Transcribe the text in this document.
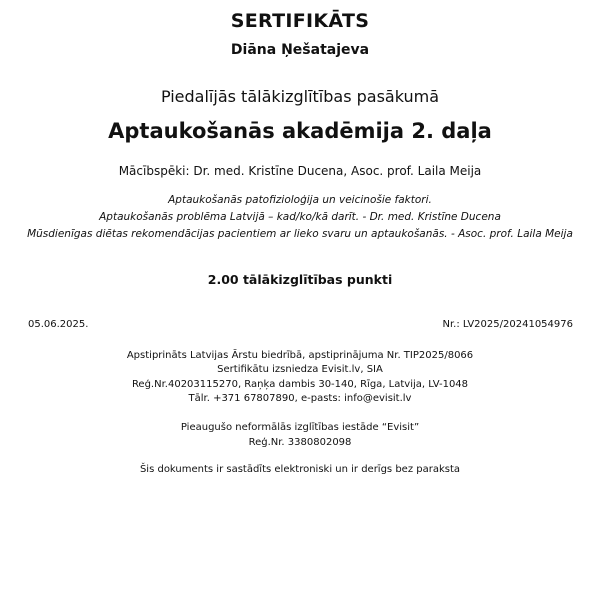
SERTIFIKĀTS
Diāna Ņešatajeva
Piedalījās tālākizglītības pasākumā
Aptaukošanās akadēmija 2. daļa
Mācībspēki: Dr. med. Kristīne Ducena, Asoc. prof. Laila Meija
Aptaukošanās patofizioloģija un veicinošie faktori.
Aptaukošanās problēma Latvijā – kad/ko/kā darīt. - Dr. med. Kristīne Ducena
Mūsdienīgas diētas rekomendācijas pacientiem ar lieko svaru un aptaukošanās. - Asoc. prof. Laila Meija
2.00 tālākizglītības punkti
05.06.2025.	Nr.: LV2025/20241054976
Apstiprināts Latvijas Ārstu biedrībā, apstiprinājuma Nr. TIP2025/8066
Sertifikātu izsniedza Evisit.lv, SIA
Reģ.Nr.40203115270, Raņķa dambis 30-140, Rīga, Latvija, LV-1048
Tālr. +371 67807890, e-pasts: info@evisit.lv
Pieaugušo neformālās izglītības iestāde “Evisit”
Reģ.Nr. 3380802098
Šis dokuments ir sastādīts elektroniski un ir derīgs bez paraksta
